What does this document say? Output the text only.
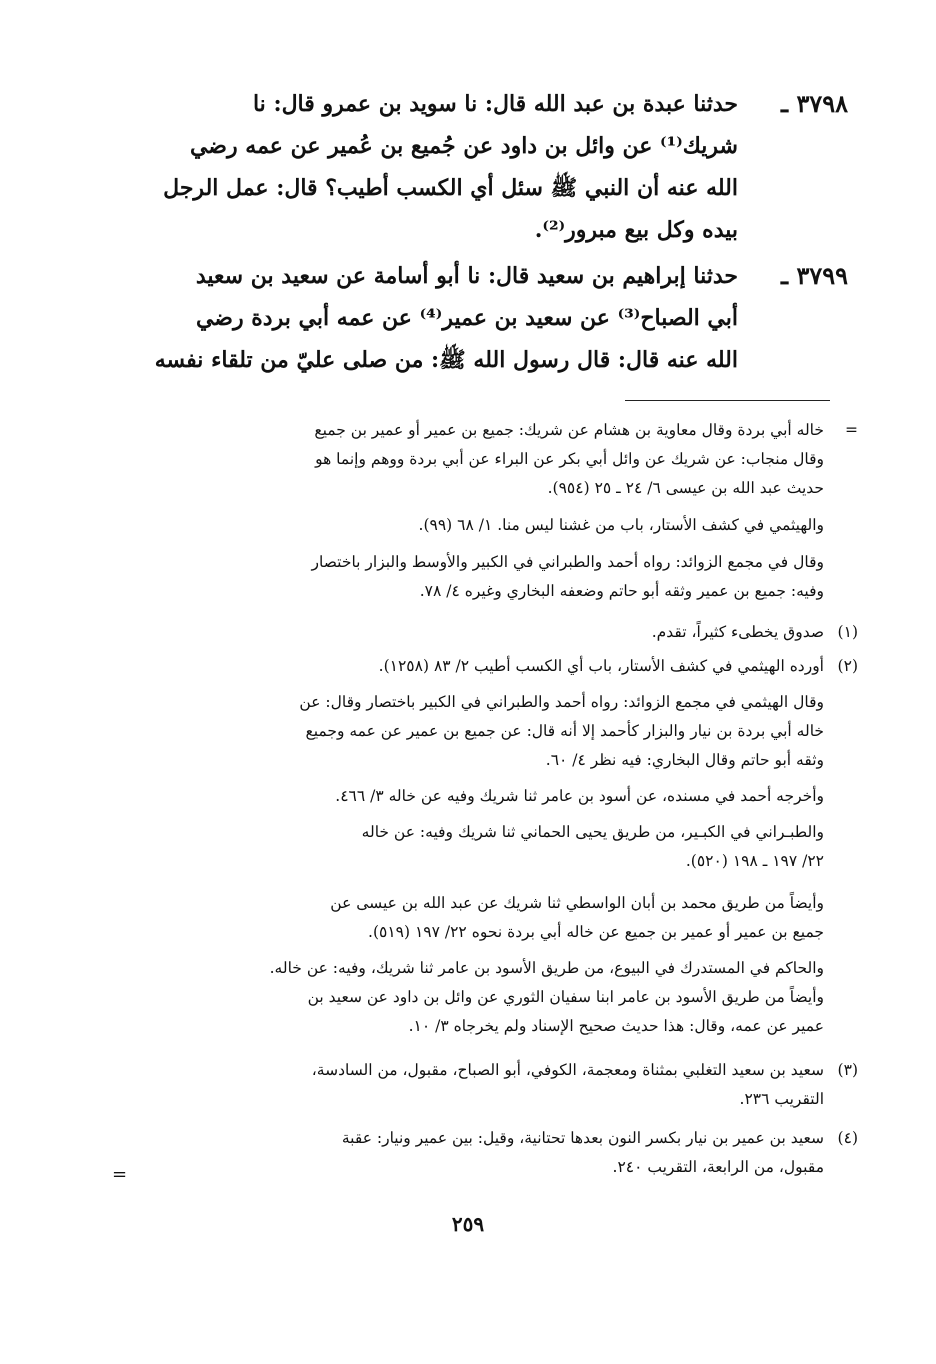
٣٧٩٨ ـ
حدثنا عبدة بن عبد الله قال: نا سويد بن عمرو قال: نا
شريك⁽¹⁾ عن وائل بن داود عن جُميع بن عُمير عن عمه رضي
الله عنه أن النبي ﷺ سئل أي الكسب أطيب؟ قال: عمل الرجل
بيده وكل بيع مبرور⁽²⁾.
٣٧٩٩ ـ
حدثنا إبراهيم بن سعيد قال: نا أبو أسامة عن سعيد بن سعيد
أبي الصباح⁽³⁾ عن سعيد بن عمير⁽⁴⁾ عن عمه أبي بردة رضي
الله عنه قال: قال رسول الله ﷺ: من صلى عليّ من تلقاء نفسه
=
خاله أبي بردة وقال معاوية بن هشام عن شريك: جميع بن عمير أو عمير بن جميع
وقال منجاب: عن شريك عن وائل أبي بكر عن البراء عن أبي بردة ووهم وإنما هو
حديث عبد الله بن عيسى ٦/ ٢٤ ـ ٢٥ (٩٥٤).
والهيثمي في كشف الأستار، باب من غشنا ليس منا. ١/ ٦٨ (٩٩).
وقال في مجمع الزوائد: رواه أحمد والطبراني في الكبير والأوسط والبزار باختصار
وفيه: جميع بن عمير وثقه أبو حاتم وضعفه البخاري وغيره ٤/ ٧٨.
(١)
صدوق يخطىء كثيراً، تقدم.
(٢)
أورده الهيثمي في كشف الأستار، باب أي الكسب أطيب ٢/ ٨٣ (١٢٥٨).
وقال الهيثمي في مجمع الزوائد: رواه أحمد والطبراني في الكبير باختصار وقال: عن
خاله أبي بردة بن نيار والبزار كأحمد إلا أنه قال: عن جميع بن عمير عن عمه وجميع
وثقه أبو حاتم وقال البخاري: فيه نظر ٤/ ٦٠.
وأخرجه أحمد في مسنده، عن أسود بن عامر ثنا شريك وفيه عن خاله ٣/ ٤٦٦.
والطبـراني في الكبـير، من طريق يحيى الحماني ثنا شريك وفيه: عن خاله
٢٢/ ١٩٧ ـ ١٩٨ (٥٢٠).
وأيضاً من طريق محمد بن أبان الواسطي ثنا شريك عن عبد الله بن عيسى عن
جميع بن عمير أو عمير بن جميع عن خاله أبي بردة نحوه ٢٢/ ١٩٧ (٥١٩).
والحاكم في المستدرك في البيوع، من طريق الأسود بن عامر ثنا شريك، وفيه: عن خاله.
وأيضاً من طريق الأسود بن عامر ابنا سفيان الثوري عن وائل بن داود عن سعيد بن
عمير عن عمه، وقال: هذا حديث صحيح الإسناد ولم يخرجاه ٣/ ١٠.
(٣)
سعيد بن سعيد التغلبي بمثناة ومعجمة، الكوفي، أبو الصباح، مقبول، من السادسة،
التقريب ٢٣٦.
(٤)
سعيد بن عمير بن نيار بكسر النون بعدها تحتانية، وقيل: بين عمير ونيار: عقبة
مقبول، من الرابعة، التقريب ٢٤٠.
=
٢٥٩
